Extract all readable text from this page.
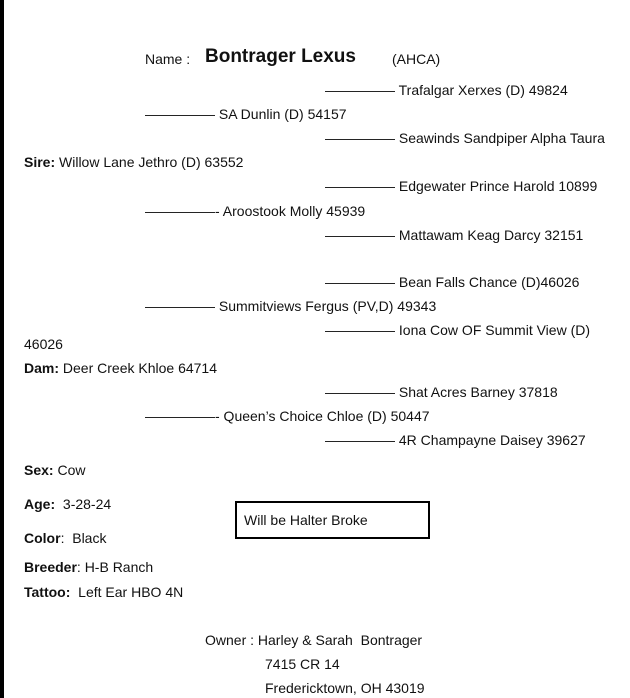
Name : Bontrager Lexus	(AHCA)
————— Trafalgar Xerxes (D) 49824
————— SA Dunlin (D) 54157
————— Seawinds Sandpiper Alpha Taura
Sire: Willow Lane Jethro (D) 63552
————— Edgewater Prince Harold 10899
—————- Aroostook Molly 45939
————— Mattawam Keag Darcy 32151
————— Bean Falls Chance (D)46026
————— Summitviews Fergus (PV,D) 49343
————— Iona Cow OF Summit View (D)
46026
Dam: Deer Creek Khloe 64714
————— Shat Acres Barney 37818
—————- Queen’s Choice Chloe (D) 50447
————— 4R Champayne Daisey 39627
Sex: Cow
Age:  3-28-24
Color:  Black
Breeder: H-B Ranch
Tattoo:  Left Ear HBO 4N
Will be Halter Broke
Owner : Harley & Sarah  Bontrager
7415 CR 14
Fredericktown, OH 43019
